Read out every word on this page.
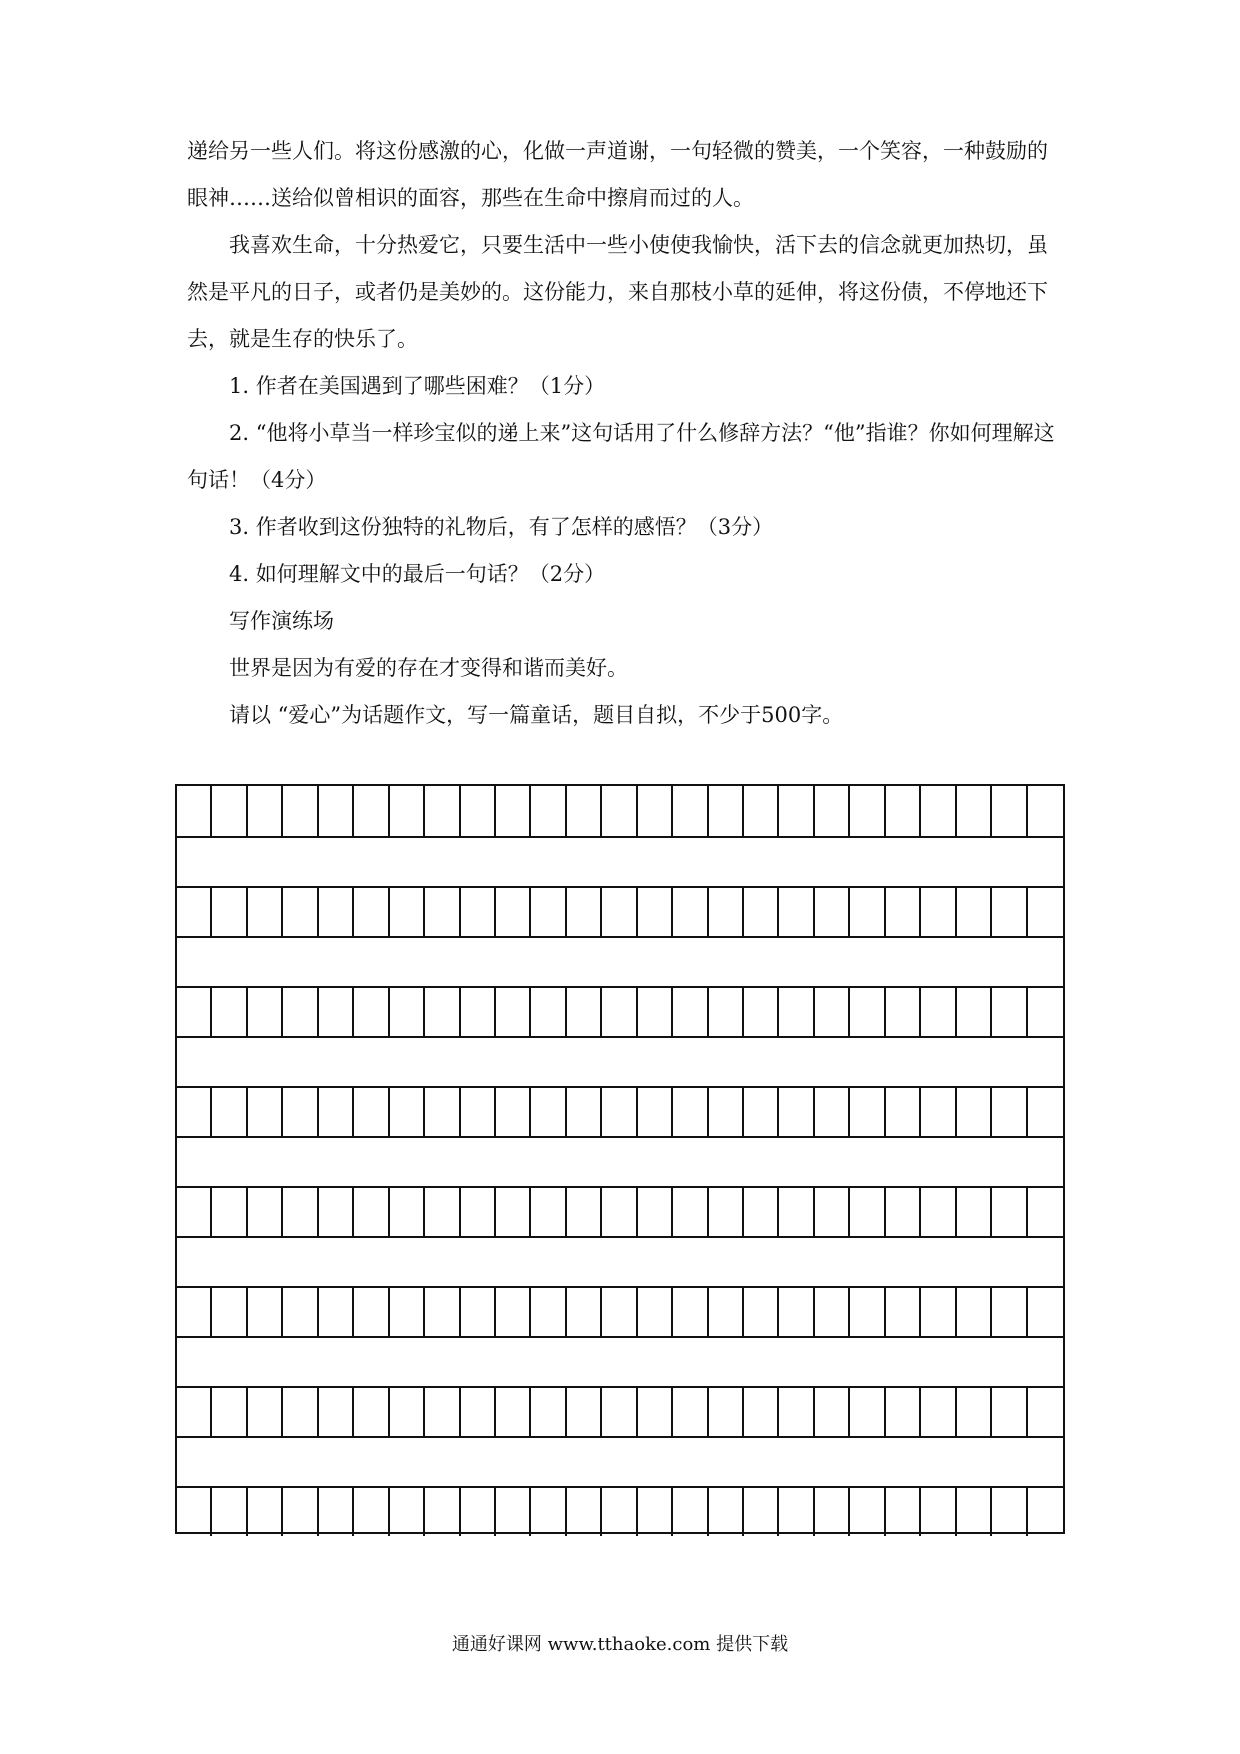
递给另一些人们。将这份感激的心，化做一声道谢，一句轻微的赞美，一个笑容，一种鼓励的眼神……送给似曾相识的面容，那些在生命中擦肩而过的人。

我喜欢生命，十分热爱它，只要生活中一些小使使我愉快，活下去的信念就更加热切，虽然是平凡的日子，或者仍是美妙的。这份能力，来自那枝小草的延伸，将这份债，不停地还下去，就是生存的快乐了。

1. 作者在美国遇到了哪些困难？（1分）

2. “他将小草当一样珍宝似的递上来”这句话用了什么修辞方法？“他”指谁？你如何理解这句话！（4分）

3. 作者收到这份独特的礼物后，有了怎样的感悟？（3分）

4. 如何理解文中的最后一句话？（2分）

写作演练场

世界是因为有爱的存在才变得和谐而美好。

请以 “爱心”为话题作文，写一篇童话，题目自拟，不少于500字。

通通好课网 www.tthaoke.com 提供下载
